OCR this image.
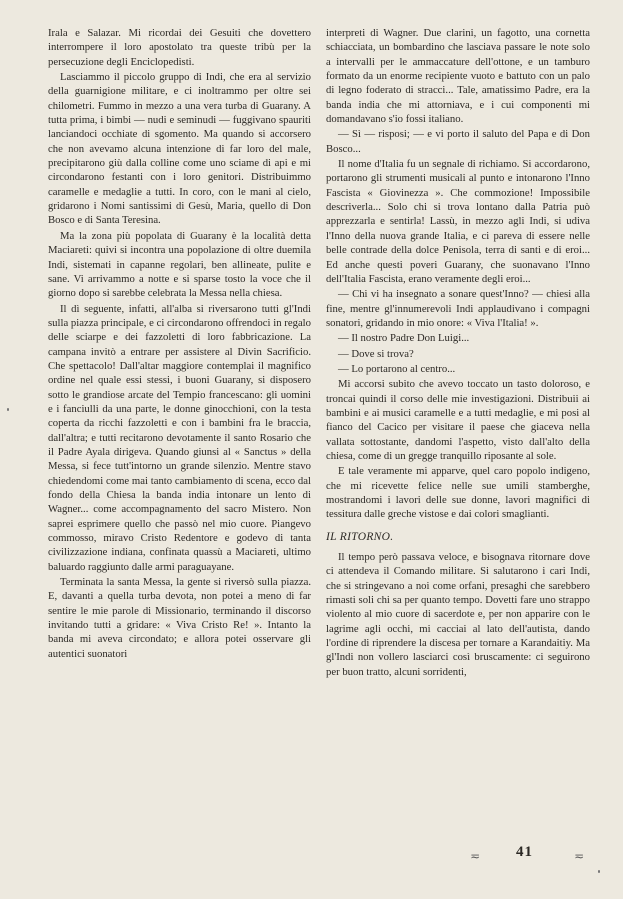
Irala e Salazar. Mi ricordai dei Gesuiti che dovettero interrompere il loro apostolato tra queste tribù per la persecuzione degli Enciclopedisti.

Lasciammo il piccolo gruppo di Indi, che era al servizio della guarnigione militare, e ci inoltrammo per oltre sei chilometri. Fummo in mezzo a una vera turba di Guarany. A tutta prima, i bimbi — nudi e seminudi — fuggivano spauriti lanciandoci occhiate di sgomento. Ma quando si accorsero che non avevamo alcuna intenzione di far loro del male, precipitarono giù dalla colline come uno sciame di api e mi circondarono festanti con i loro genitori. Distribuimmo caramelle e medaglie a tutti. In coro, con le mani al cielo, gridarono i Nomi santissimi di Gesù, Maria, quello di Don Bosco e di Santa Teresina.

Ma la zona più popolata di Guarany è la località detta Maciareti: quivi si incontra una popolazione di oltre duemila Indi, sistemati in capanne regolari, ben allineate, pulite e sane. Vi arrivammo a notte e si sparse tosto la voce che il giorno dopo si sarebbe celebrata la Messa nella chiesa.

Il dì seguente, infatti, all'alba si riversarono tutti gl'Indi sulla piazza principale, e ci circondarono offrendoci in regalo delle sciarpe e dei fazzoletti di loro fabbricazione. La campana invitò a entrare per assistere al Divin Sacrificio. Che spettacolo! Dall'altar maggiore contemplai il magnifico ordine nel quale essi stessi, i buoni Guarany, si disposero sotto le grandiose arcate del Tempio francescano: gli uomini e i fanciulli da una parte, le donne ginocchioni, con la testa coperta da ricchi fazzoletti e con i bambini fra le braccia, dall'altra; e tutti recitarono devotamente il santo Rosario che il Padre Ayala dirigeva. Quando giunsi al « Sanctus » della Messa, si fece tutt'intorno un grande silenzio. Mentre stavo chiedendomi come mai tanto cambiamento di scena, ecco dal fondo della Chiesa la banda india intonare un lento di Wagner... come accompagnamento del sacro Mistero. Non saprei esprimere quello che passò nel mio cuore. Piangevo commosso, miravo Cristo Redentore e godevo di tanta civilizzazione indiana, confinata quassù a Maciareti, ultimo baluardo raggiunto dalle armi paraguayane.

Terminata la santa Messa, la gente si riversò sulla piazza. E, davanti a quella turba devota, non potei a meno di far sentire le mie parole di Missionario, terminando il discorso invitando tutti a gridare: « Viva Cristo Re! ». Intanto la banda mi aveva circondato; e allora potei osservare gli autentici suonatori

interpreti di Wagner. Due clarini, un fagotto, una cornetta schiacciata, un bombardino che lasciava passare le note solo a intervalli per le ammaccature dell'ottone, e un tamburo formato da un enorme recipiente vuoto e battuto con un palo di legno foderato di stracci... Tale, amatissimo Padre, era la banda india che mi attorniava, e i cui componenti mi domandavano s'io fossi italiano.

— Sì — risposi; — e vi porto il saluto del Papa e di Don Bosco...

Il nome d'Italia fu un segnale di richiamo. Si accordarono, portarono gli strumenti musicali al punto e intonarono l'Inno Fascista « Giovinezza ». Che commozione! Impossibile descriverla... Solo chi si trova lontano dalla Patria può apprezzarla e sentirla! Lassù, in mezzo agli Indi, si udiva l'Inno della nuova grande Italia, e ci pareva di essere nelle belle contrade della dolce Penisola, terra di santi e di eroi... Ed anche questi poveri Guarany, che suonavano l'Inno dell'Italia Fascista, erano veramente degli eroi...

— Chi vi ha insegnato a sonare quest'Inno? — chiesi alla fine, mentre gl'innumerevoli Indi applaudivano i compagni sonatori, gridando in mio onore: « Viva l'Italia! ».

— Il nostro Padre Don Luigi...

— Dove si trova?

— Lo portarono al centro...

Mi accorsi subito che avevo toccato un tasto doloroso, e troncai quindi il corso delle mie investigazioni. Distribuii ai bambini e ai musici caramelle e a tutti medaglie, e mi posi al fianco del Cacico per visitare il paese che giaceva nella vallata sottostante, dandomi l'aspetto, visto dall'alto della chiesa, come di un gregge tranquillo riposante al sole.

E tale veramente mi apparve, quel caro popolo indigeno, che mi ricevette felice nelle sue umili stamberghe, mostrandomi i lavori delle sue donne, lavori magnifici di tessitura dalle greche vistose e dai colori smaglianti.

IL RITORNO.

Il tempo però passava veloce, e bisognava ritornare dove ci attendeva il Comando militare. Si salutarono i cari Indi, che si stringevano a noi come orfani, presaghi che sarebbero rimasti soli chi sa per quanto tempo. Dovetti fare uno strappo violento al mio cuore di sacerdote e, per non apparire con le lagrime agli occhi, mi cacciai al lato dell'autista, dando l'ordine di riprendere la discesa per tornare a Karandaitiy. Ma gl'Indi non vollero lasciarci così bruscamente: ci seguirono per buon tratto, alcuni sorridenti,

≂ 41	≂
